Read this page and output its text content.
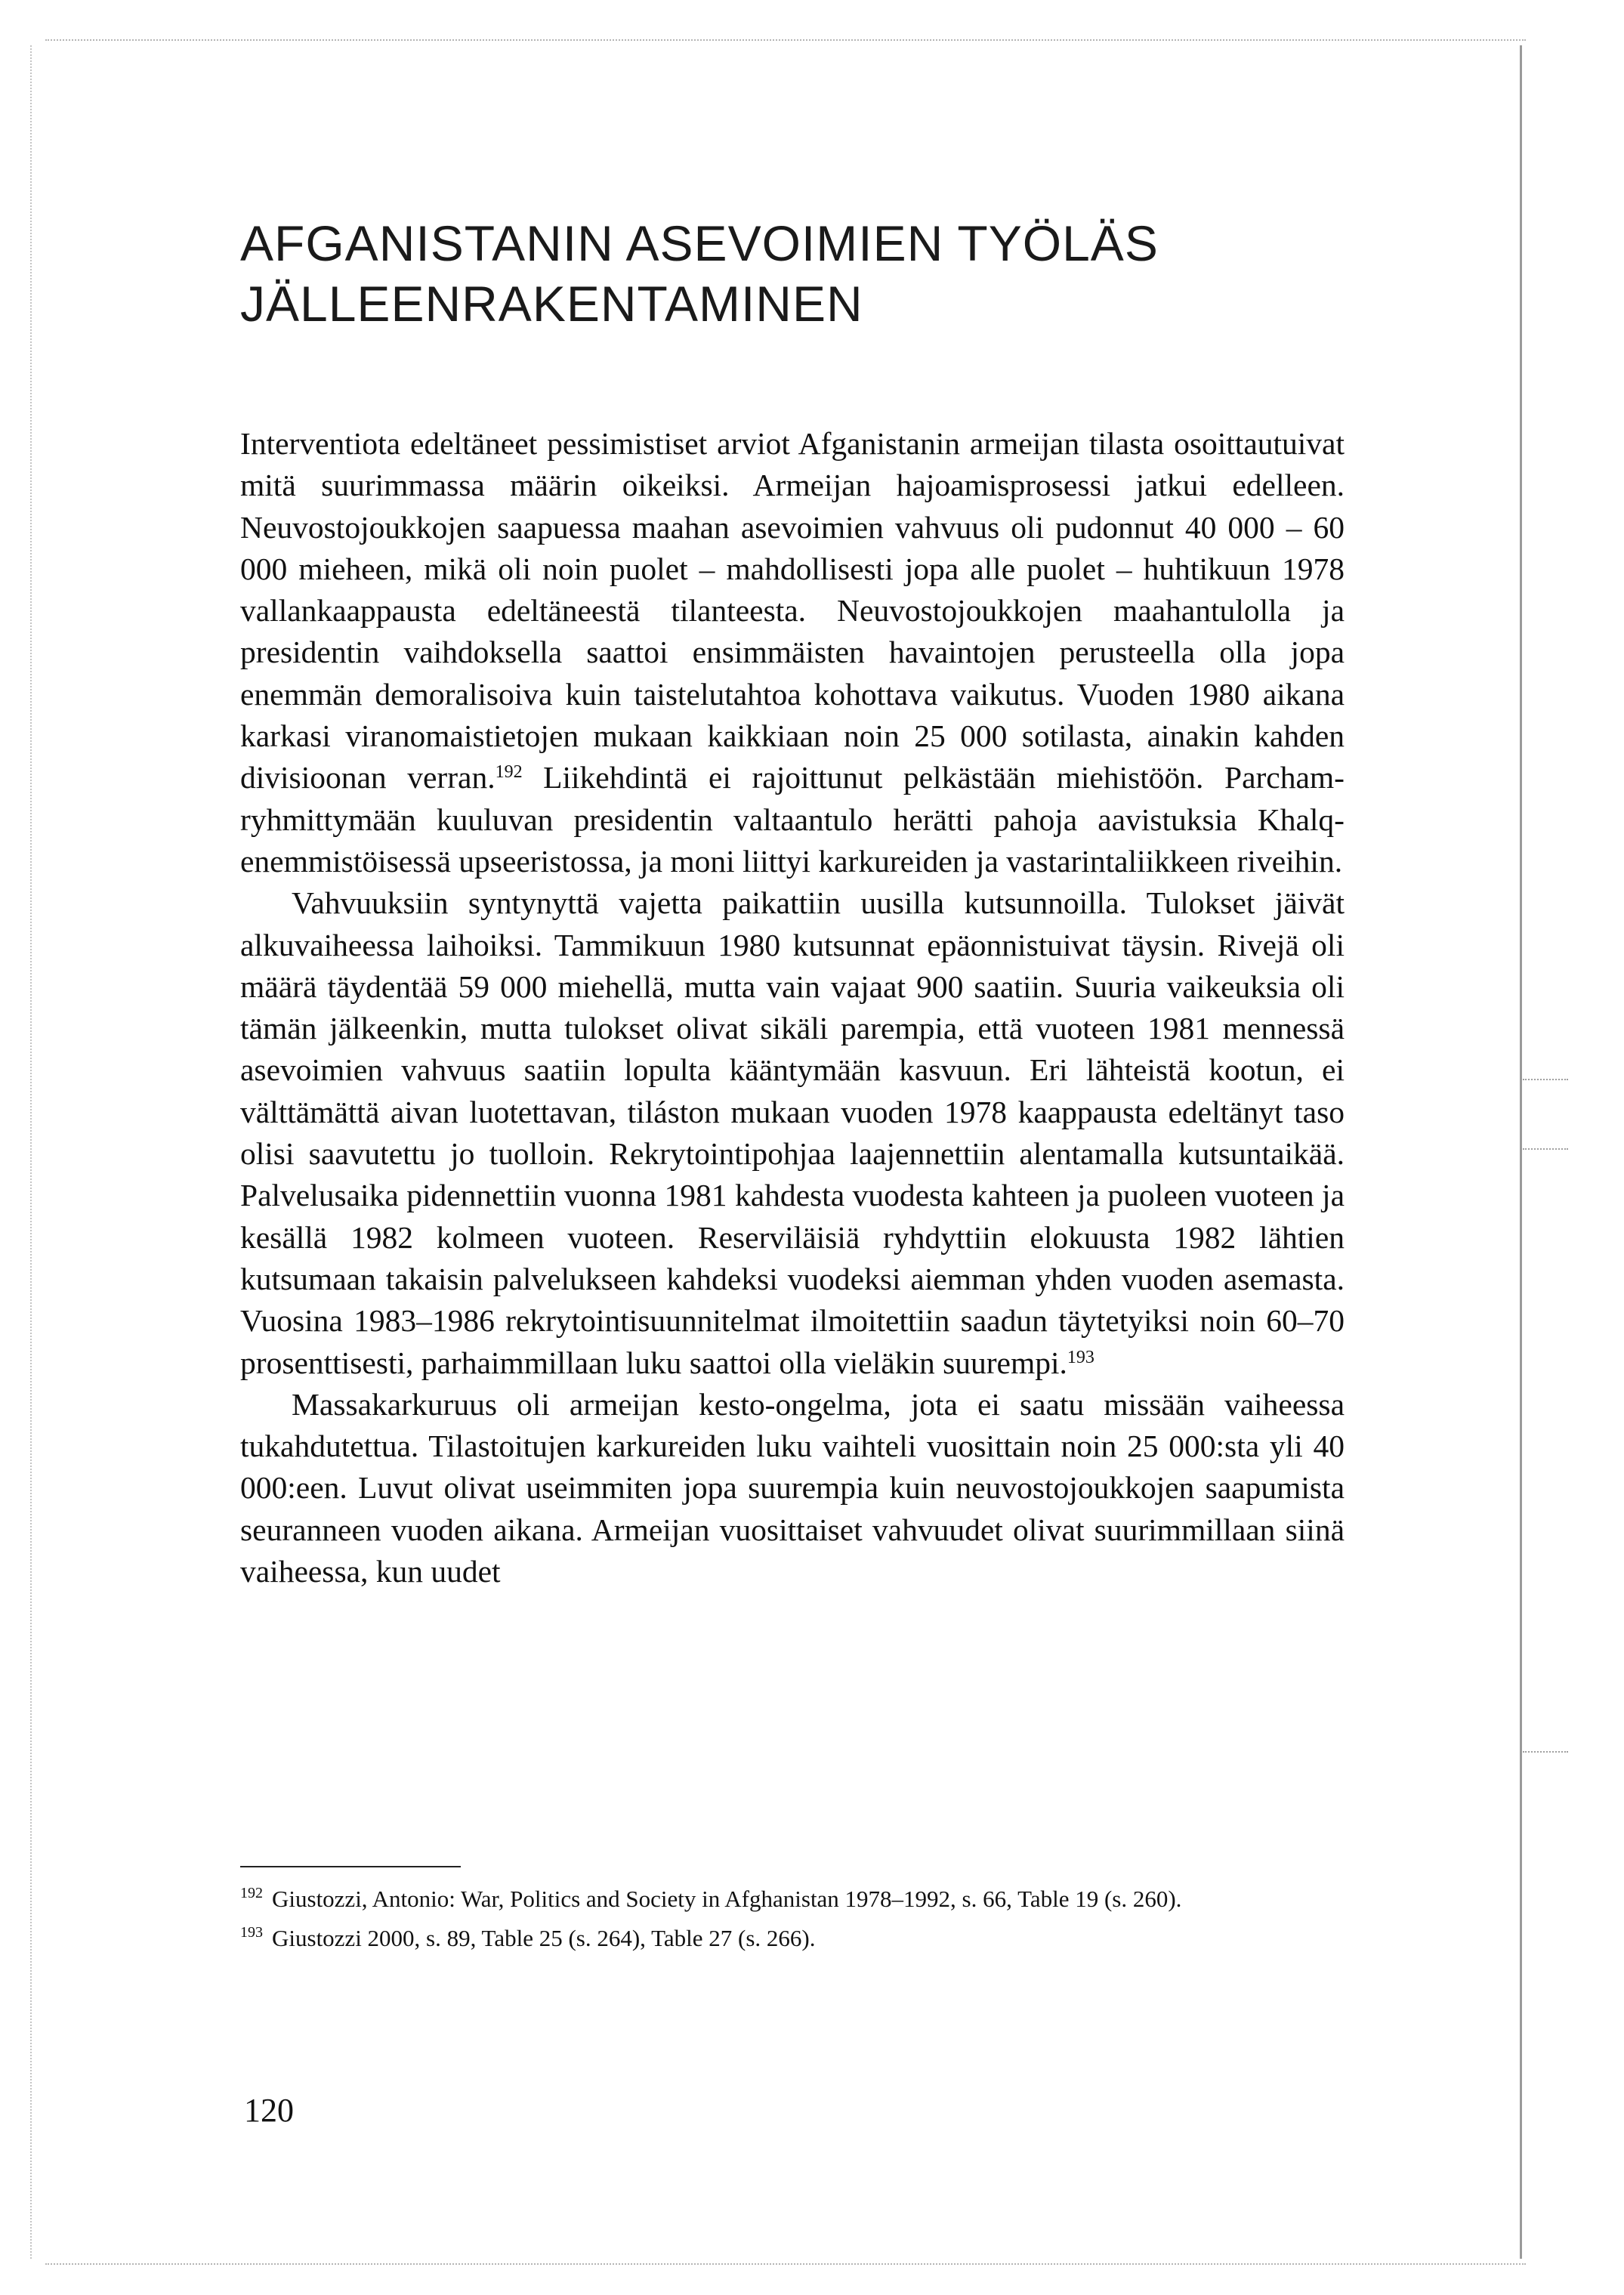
AFGANISTANIN ASEVOIMIEN TYÖLÄS
JÄLLEENRAKENTAMINEN

Interventiota edeltäneet pessimistiset arviot Afganistanin armeijan tilasta osoittautuivat mitä suurimmassa määrin oikeiksi. Armeijan hajoamisprosessi jatkui edelleen. Neuvostojoukkojen saapuessa maahan asevoimien vahvuus oli pudonnut 40 000 – 60 000 mieheen, mikä oli noin puolet – mahdollisesti jopa alle puolet – huhtikuun 1978 vallankaappausta edeltäneestä tilanteesta. Neuvostojoukkojen maahantulolla ja presidentin vaihdoksella saattoi ensimmäisten havaintojen perusteella olla jopa enemmän demoralisoiva kuin taistelutahtoa kohottava vaikutus. Vuoden 1980 aikana karkasi viranomaistietojen mukaan kaikkiaan noin 25 000 sotilasta, ainakin kahden divisioonan verran.$^{192}$ Liikehdintä ei rajoittunut pelkästään miehistöön. Parcham-ryhmittymään kuuluvan presidentin valtaantulo herätti pahoja aavistuksia Khalq-enemmistöisessä upseeristossa, ja moni liittyi karkureiden ja vastarintaliikkeen riveihin.

Vahvuuksiin syntynyttä vajetta paikattiin uusilla kutsunnoilla. Tulokset jäivät alkuvaiheessa laihoiksi. Tammikuun 1980 kutsunnat epäonnistuivat täysin. Rivejä oli määrä täydentää 59 000 miehellä, mutta vain vajaat 900 saatiin. Suuria vaikeuksia oli tämän jälkeenkin, mutta tulokset olivat sikäli parempia, että vuoteen 1981 mennessä asevoimien vahvuus saatiin lopulta kääntymään kasvuun. Eri lähteistä kootun, ei välttämättä aivan luotettavan, tiláston mukaan vuoden 1978 kaappausta edeltänyt taso olisi saavutettu jo tuolloin. Rekrytointipohjaa laajennettiin alentamalla kutsuntaikää. Palvelusaika pidennettiin vuonna 1981 kahdesta vuodesta kahteen ja puoleen vuoteen ja kesällä 1982 kolmeen vuoteen. Reserviläisiä ryhdyttiin elokuusta 1982 lähtien kutsumaan takaisin palvelukseen kahdeksi vuodeksi aiemman yhden vuoden asemasta. Vuosina 1983–1986 rekrytointisuunnitelmat ilmoitettiin saadun täytetyiksi noin 60–70 prosenttisesti, parhaimmillaan luku saattoi olla vieläkin suurempi.$^{193}$

Massakarkuruus oli armeijan kesto-ongelma, jota ei saatu missään vaiheessa tukahdutettua. Tilastoitujen karkureiden luku vaihteli vuosittain noin 25 000:sta yli 40 000:een. Luvut olivat useimmiten jopa suurempia kuin neuvostojoukkojen saapumista seuranneen vuoden aikana. Armeijan vuosittaiset vahvuudet olivat suurimmillaan siinä vaiheessa, kun uudet

$^{192}$ Giustozzi, Antonio: War, Politics and Society in Afghanistan 1978–1992, s. 66, Table 19 (s. 260).

$^{193}$ Giustozzi 2000, s. 89, Table 25 (s. 264), Table 27 (s. 266).

120
